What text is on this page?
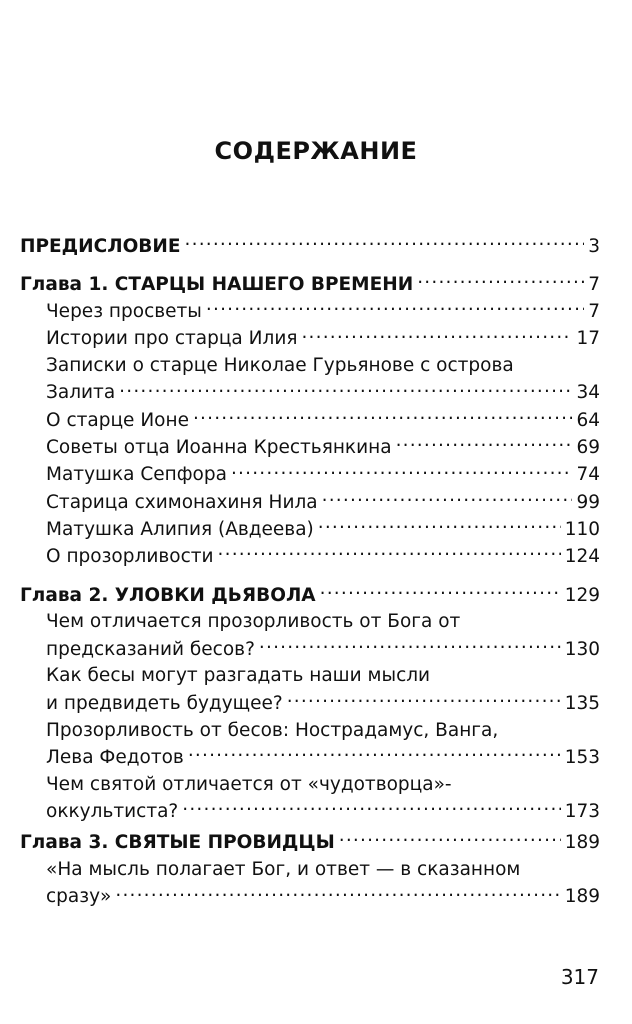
СОДЕРЖАНИЕ
ПРЕДИСЛОВИЕ .....	3
Глава 1. СТАРЦЫ НАШЕГО ВРЕМЕНИ .....	7
Через просветы .....	7
Истории про старца Илия .....	17
Записки о старце Николае Гурьянове с острова
Залита .....	34
О старце Ионе .....	64
Советы отца Иоанна Крестьянкина .....	69
Матушка Сепфора .....	74
Старица схимонахиня Нила .....	99
Матушка Алипия (Авдеева) .....	110
О прозорливости .....	124
Глава 2. УЛОВКИ ДЬЯВОЛА .....	129
Чем отличается прозорливость от Бога от
предсказаний бесов? .....	130
Как бесы могут разгадать наши мысли
и предвидеть будущее? .....	135
Прозорливость от бесов: Нострадамус, Ванга,
Лева Федотов .....	153
Чем святой отличается от «чудотворца»-
оккультиста? .....	173
Глава 3. СВЯТЫЕ ПРОВИДЦЫ .....	189
«На мысль полагает Бог, и ответ — в сказанном
сразу» .....	189
317
